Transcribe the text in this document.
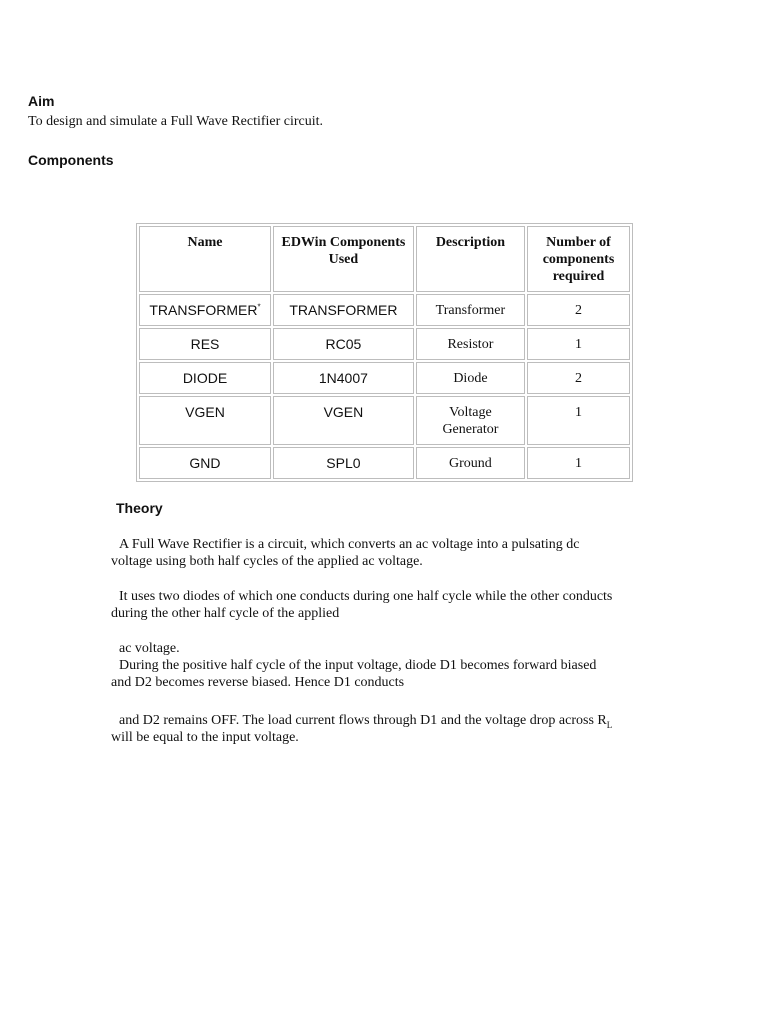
Aim

To design and simulate a Full Wave Rectifier circuit.

Components
Name	EDWin Components Used	Description	Number of components required
TRANSFORMER*	TRANSFORMER	Transformer	2
RES	RC05	Resistor	1
DIODE	1N4007	Diode	2
VGEN	VGEN	Voltage Generator	1
GND	SPL0	Ground	1
Theory
A Full Wave Rectifier is a circuit, which converts an ac voltage into a pulsating dc
voltage using both half cycles of the applied ac voltage.
It uses two diodes of which one conducts during one half cycle while the other conducts
during the other half cycle of the applied
ac voltage.
During the positive half cycle of the input voltage, diode D1 becomes forward biased
and D2 becomes reverse biased. Hence D1 conducts
and D2 remains OFF. The load current flows through D1 and the voltage drop across $R_L$
will be equal to the input voltage.
